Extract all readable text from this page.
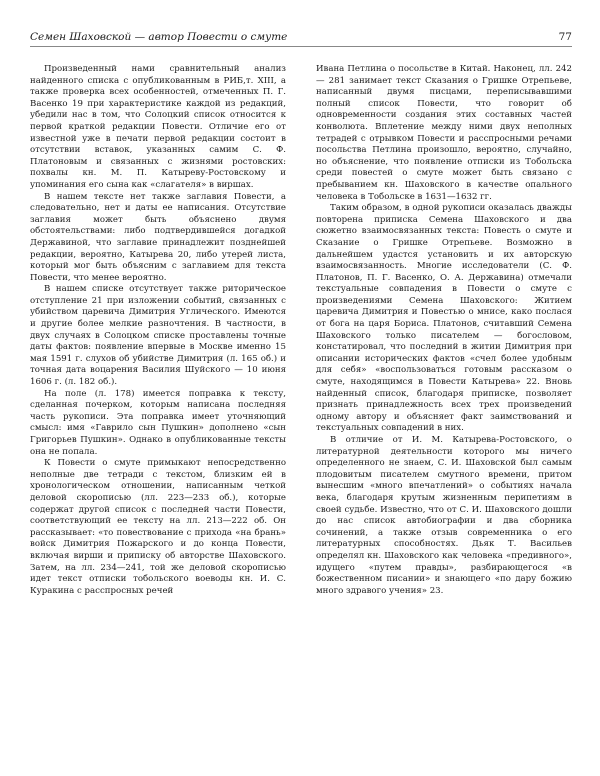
Семен Шаховской — автор Повести о смуте	77

Произведенный нами сравнительный анализ найденного списка с опубликованным в РИБ,т. XIII, а также проверка всех особенностей, отмеченных П. Г. Васенко 19 при характеристике каждой из редакций, убедили нас в том, что Солоцкий список относится к первой краткой редакции Повести. Отличие его от известной уже в печати первой редакции состоит в отсутствии вставок, указанных самим С. Ф. Платоновым и связанных с жизнями ростовских: похвалы кн. М. П. Катыреву-Ростовскому и упоминания его сына как «слагателя» в виршах.

В нашем тексте нет также заглавия Повести, а следовательно, нет и даты ее написания. Отсутствие заглавия может быть объяснено двумя обстоятельствами: либо подтвердившейся догадкой Державиной, что заглавие принадлежит позднейшей редакции, вероятно, Катырева 20, либо утерей листа, который мог быть объясним с заглавием для текста Повести, что менее вероятно.

В нашем списке отсутствует также риторическое отступление 21 при изложении событий, связанных с убийством царевича Димитрия Углического. Имеются и другие более мелкие разночтения. В частности, в двух случаях в Солоцком списке проставлены точные даты фактов: появление впервые в Москве именно 15 мая 1591 г. слухов об убийстве Димитрия (л. 165 об.) и точная дата воцарения Василия Шуйского — 10 июня 1606 г. (л. 182 об.).

На поле (л. 178) имеется поправка к тексту, сделанная почерком, которым написана последняя часть рукописи. Эта поправка имеет уточняющий смысл: имя «Гаврило сын Пушкин» дополнено «сын Григорьев Пушкин». Однако в опубликованные тексты она не попала.

К Повести о смуте примыкают непосредственно неполные две тетради с текстом, близким ей в хронологическом отношении, написанным четкой деловой скорописью (лл. 223—233 об.), которые содержат другой список с последней части Повести, соответствующий ее тексту на лл. 213—222 об. Он рассказывает: «то повествование с прихода «на брань» войск Димитрия Пожарского и до конца Повести, включая вирши и приписку об авторстве Шаховского. Затем, на лл. 234—241, той же деловой скорописью идет текст отписки тобольского воеводы кн. И. С. Куракина с расспросных речей

Ивана Петлина о посольстве в Китай. Наконец, лл. 242 — 281 занимает текст Сказания о Гришке Отрепьеве, написанный двумя писцами, переписывавшими полный список Повести, что говорит об одновременности создания этих составных частей конволюта. Вплетение между ними двух неполных тетрадей с отрывком Повести и расспросными речами посольства Петлина произошло, вероятно, случайно, но объяснение, что появление отписки из Тобольска среди повестей о смуте может быть связано с пребыванием кн. Шаховского в качестве опального человека в Тобольске в 1631—1632 гг.

Таким образом, в одной рукописи оказалась дважды повторена приписка Семена Шаховского и два сюжетно взаимосвязанных текста: Повесть о смуте и Сказание о Гришке Отрепьеве. Возможно в дальнейшем удастся установить и их авторскую взаимосвязанность. Многие исследователи (С. Ф. Платонов, П. Г. Васенко, О. А. Державина) отмечали текстуальные совпадения в Повести о смуте с произведениями Семена Шаховского: Житием царевича Димитрия и Повестью о мнисе, како послася от бога на царя Бориса. Платонов, считавший Семена Шаховского только писателем — богословом, констатировал, что последний в житии Димитрия при описании исторических фактов «счел более удобным для себя» «воспользоваться готовым рассказом о смуте, находящимся в Повести Катырева» 22. Вновь найденный список, благодаря приписке, позволяет признать принадлежность всех трех произведений одному автору и объясняет факт заимствований и текстуальных совпадений в них.

В отличие от И. М. Катырева-Ростовского, о литературной деятельности которого мы ничего определенного не знаем, С. И. Шаховской был самым плодовитым писателем смутного времени, притом вынесшим «много впечатлений» о событиях начала века, благодаря крутым жизненным перипетиям в своей судьбе. Известно, что от С. И. Шаховского дошли до нас список автобиографии и два сборника сочинений, а также отзыв современника о его литературных способностях. Дьяк Т. Васильев определял кн. Шаховского как человека «предивного», идущего «путем правды», разбирающегося «в божественном писании» и знающего «по дару божию много здравого учения» 23.
